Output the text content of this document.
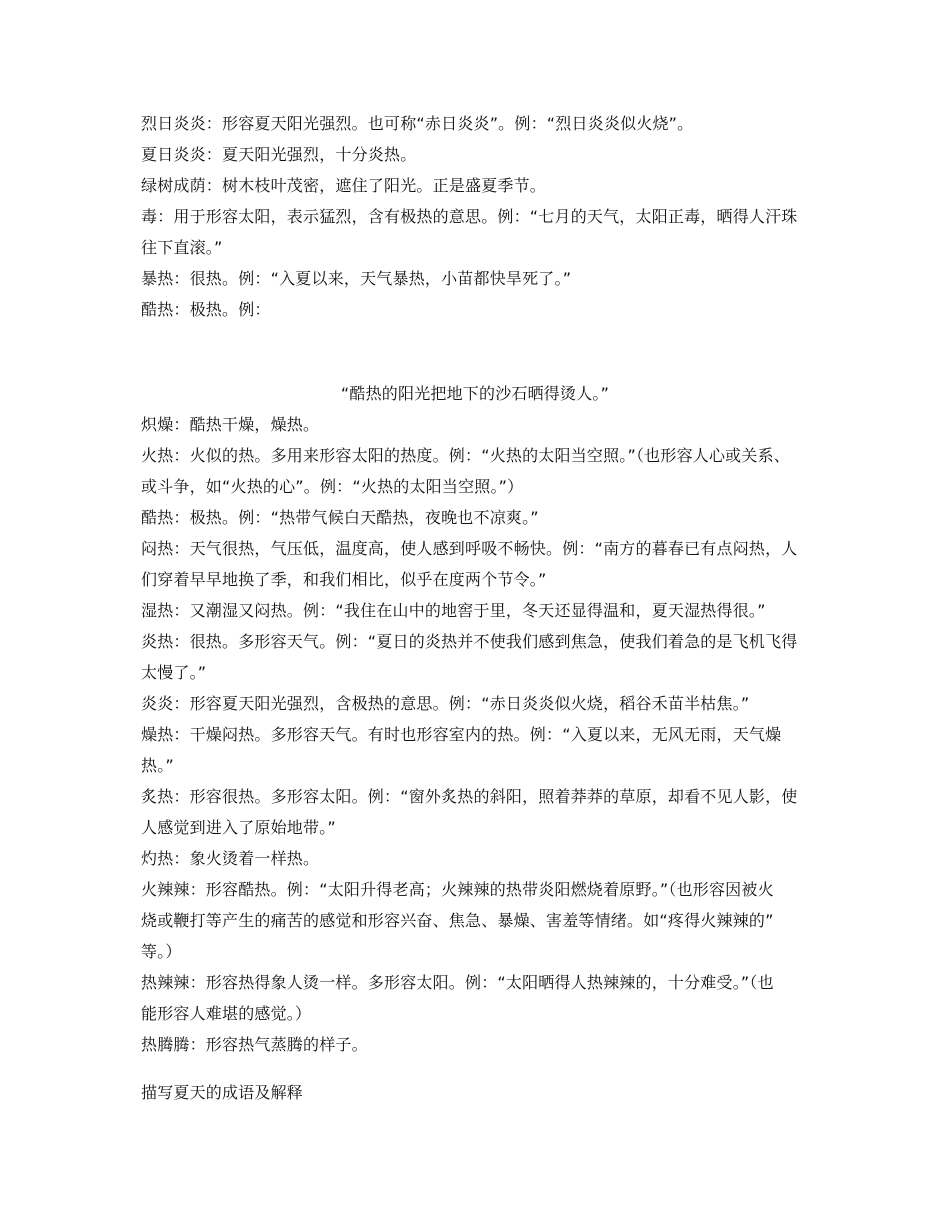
烈日炎炎：形容夏天阳光强烈。也可称“赤日炎炎”。例：“烈日炎炎似火烧”。
夏日炎炎：夏天阳光强烈，十分炎热。
绿树成荫：树木枝叶茂密，遮住了阳光。正是盛夏季节。
毒：用于形容太阳，表示猛烈，含有极热的意思。例：“七月的天气，太阳正毒，晒得人汗珠
往下直滚。”
暴热：很热。例：“入夏以来，天气暴热，小苗都快旱死了。”
酷热：极热。例：
“酷热的阳光把地下的沙石晒得烫人。”
炽燥：酷热干燥，燥热。
火热：火似的热。多用来形容太阳的热度。例：“火热的太阳当空照。”（也形容人心或关系、
或斗争，如“火热的心”。例：“火热的太阳当空照。”）
酷热：极热。例：“热带气候白天酷热，夜晚也不凉爽。”
闷热：天气很热，气压低，温度高，使人感到呼吸不畅快。例：“南方的暮春已有点闷热，人
们穿着早早地换了季，和我们相比，似乎在度两个节令。”
湿热：又潮湿又闷热。例：“我住在山中的地窖于里，冬天还显得温和，夏天湿热得很。”
炎热：很热。多形容天气。例：“夏日的炎热并不使我们感到焦急，使我们着急的是飞机飞得
太慢了。”
炎炎：形容夏天阳光强烈，含极热的意思。例：“赤日炎炎似火烧，稻谷禾苗半枯焦。”
燥热：干燥闷热。多形容天气。有时也形容室内的热。例：“入夏以来，无风无雨，天气燥
热。”
炙热：形容很热。多形容太阳。例：“窗外炙热的斜阳，照着莽莽的草原，却看不见人影，使
人感觉到进入了原始地带。”
灼热：象火烫着一样热。
火辣辣：形容酷热。例：“太阳升得老高；火辣辣的热带炎阳燃烧着原野。”（也形容因被火
烧或鞭打等产生的痛苦的感觉和形容兴奋、焦急、暴燥、害羞等情绪。如“疼得火辣辣的”
等。）
热辣辣：形容热得象人烫一样。多形容太阳。例：“太阳晒得人热辣辣的，十分难受。”（也
能形容人难堪的感觉。）
热腾腾：形容热气蒸腾的样子。
描写夏天的成语及解释
